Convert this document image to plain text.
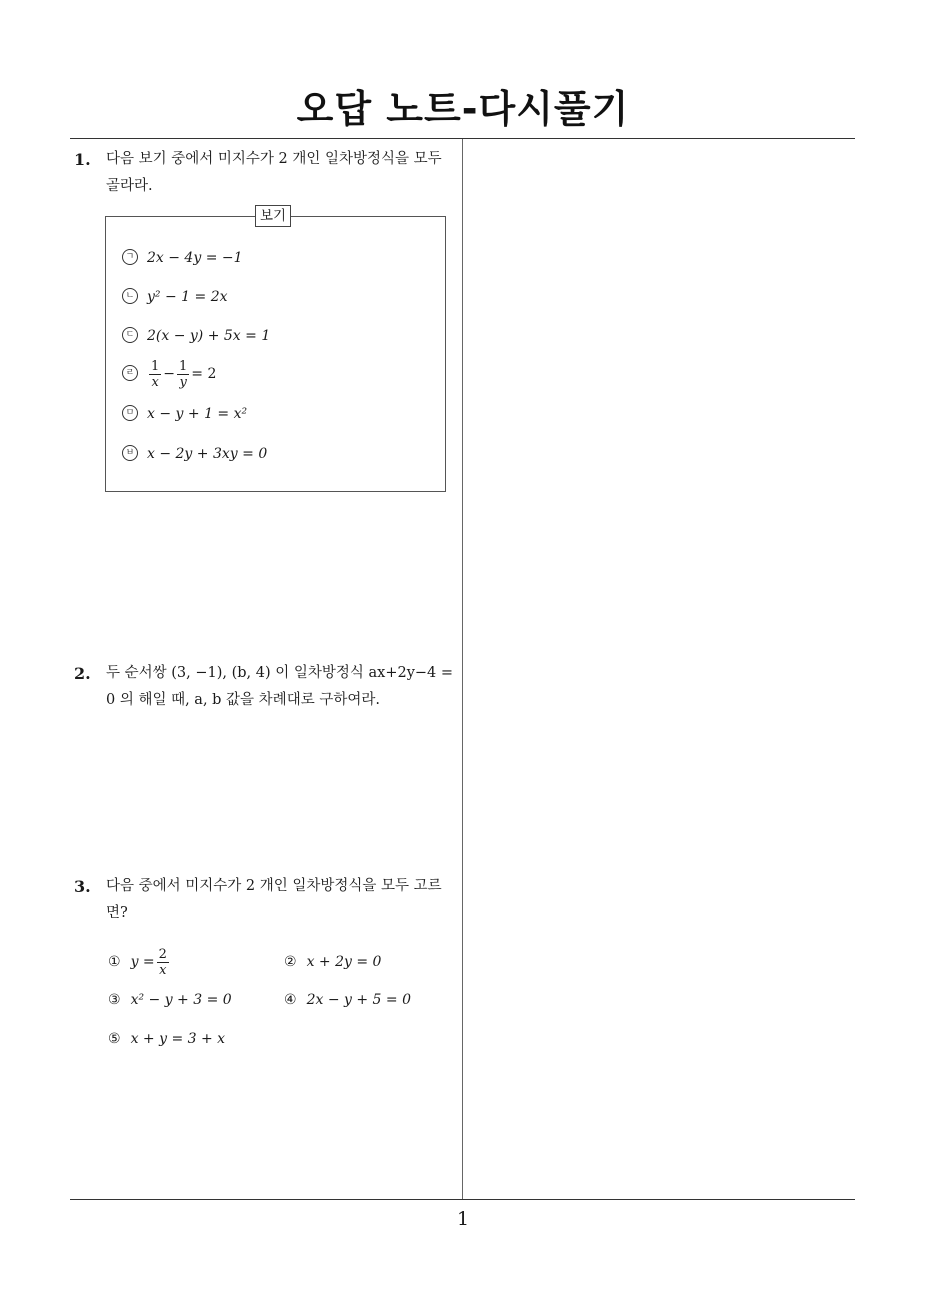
오답 노트-다시풀기
1. 다음 보기 중에서 미지수가 2 개인 일차방정식을 모두
골라라.
보기
ㄱ 2x − 4y = −1
ㄴ y² − 1 = 2x
ㄷ 2(x − y) + 5x = 1
ㄹ $\frac{1}{x} - \frac{1}{y} = 2$
ㅁ x − y + 1 = x²
ㅂ x − 2y + 3xy = 0
2. 두 순서쌍 (3, −1), (b, 4) 이 일차방정식 ax+2y−4 =
0 의 해일 때, a, b 값을 차례대로 구하여라.
3. 다음 중에서 미지수가 2 개인 일차방정식을 모두 고르
면?
① $y = \frac{2}{x}$	② x + 2y = 0
③ x² − y + 3 = 0	④ 2x − y + 5 = 0
⑤ x + y = 3 + x
1
